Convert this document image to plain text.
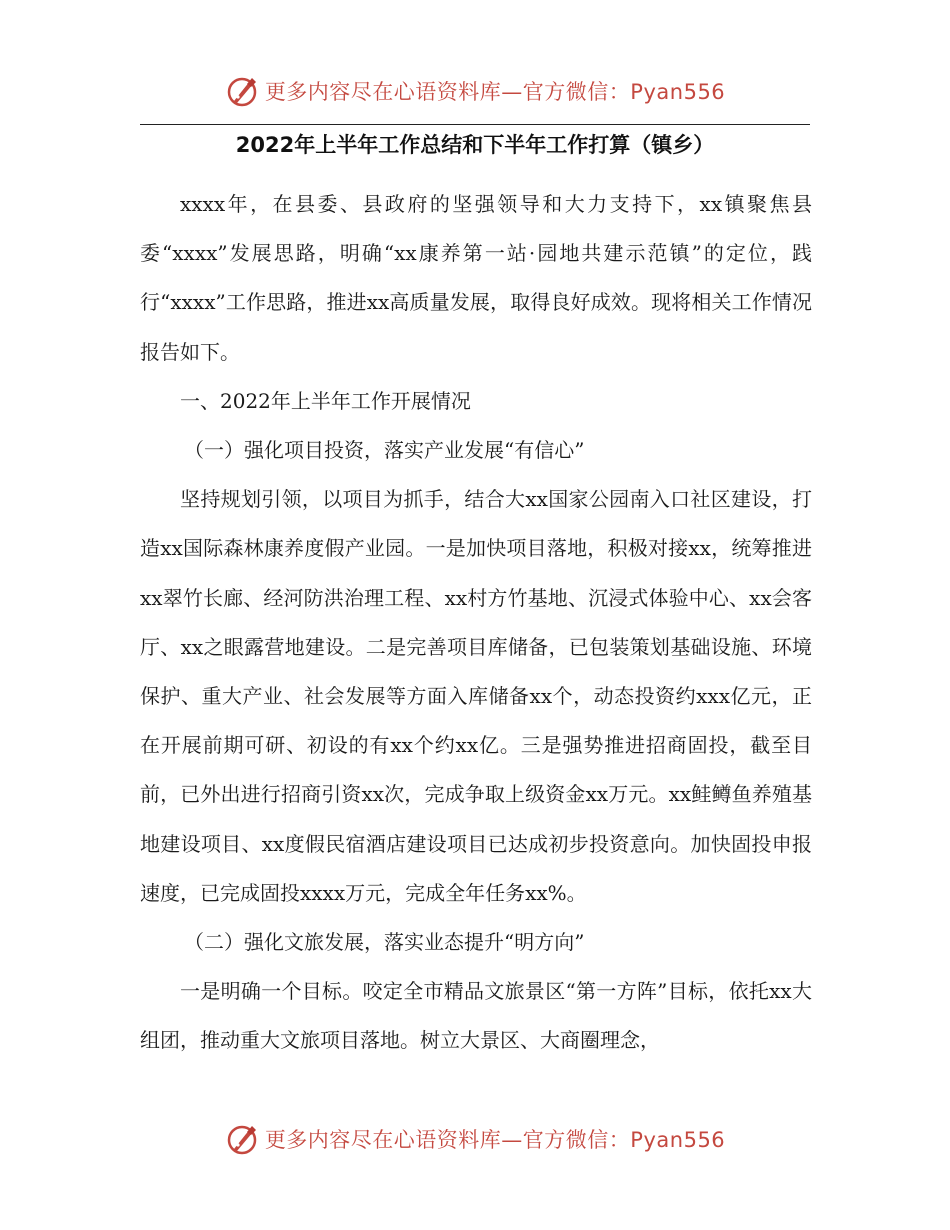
更多内容尽在心语资料库—官方微信：Pyan556
2022年上半年工作总结和下半年工作打算（镇乡）

xxxx年，在县委、县政府的坚强领导和大力支持下，xx镇聚焦县委“xxxx”发展思路，明确“xx康养第一站·园地共建示范镇”的定位，践行“xxxx”工作思路，推进xx高质量发展，取得良好成效。现将相关工作情况报告如下。

一、2022年上半年工作开展情况

（一）强化项目投资，落实产业发展“有信心”

坚持规划引领，以项目为抓手，结合大xx国家公园南入口社区建设，打造xx国际森林康养度假产业园。一是加快项目落地，积极对接xx，统筹推进xx翠竹长廊、经河防洪治理工程、xx村方竹基地、沉浸式体验中心、xx会客厅、xx之眼露营地建设。二是完善项目库储备，已包装策划基础设施、环境保护、重大产业、社会发展等方面入库储备xx个，动态投资约xxx亿元，正在开展前期可研、初设的有xx个约xx亿。三是强势推进招商固投，截至目前，已外出进行招商引资xx次，完成争取上级资金xx万元。xx鲑鳟鱼养殖基地建设项目、xx度假民宿酒店建设项目已达成初步投资意向。加快固投申报速度，已完成固投xxxx万元，完成全年任务xx%。

（二）强化文旅发展，落实业态提升“明方向”

一是明确一个目标。咬定全市精品文旅景区“第一方阵”目标，依托xx大组团，推动重大文旅项目落地。树立大景区、大商圈理念，

更多内容尽在心语资料库—官方微信：Pyan556
